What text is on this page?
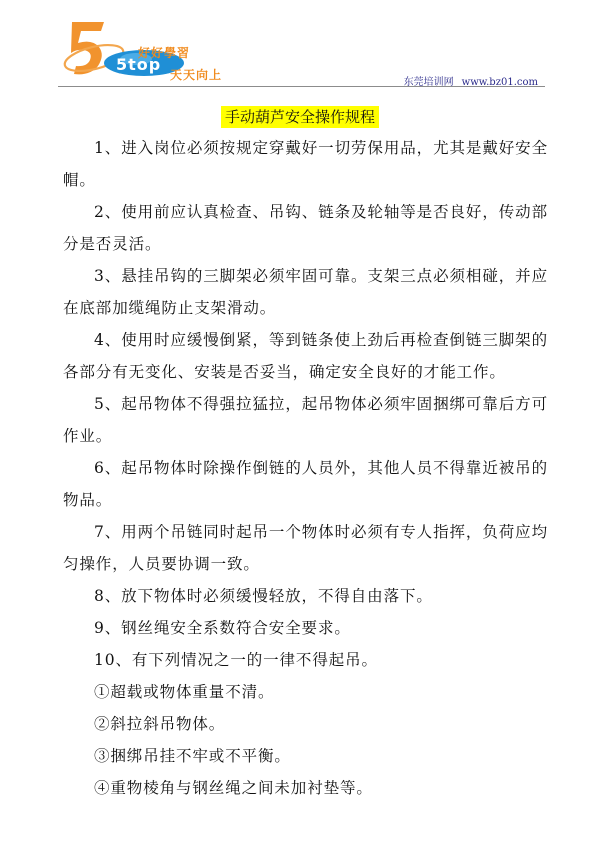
好好學習
天天向上
5top
东莞培训网 www.bz01.com
手动葫芦安全操作规程

1、进入岗位必须按规定穿戴好一切劳保用品，尤其是戴好安全帽。

2、使用前应认真检查、吊钩、链条及轮轴等是否良好，传动部分是否灵活。

3、悬挂吊钩的三脚架必须牢固可靠。支架三点必须相碰，并应在底部加缆绳防止支架滑动。

4、使用时应缓慢倒紧，等到链条使上劲后再检查倒链三脚架的各部分有无变化、安装是否妥当，确定安全良好的才能工作。

5、起吊物体不得强拉猛拉，起吊物体必须牢固捆绑可靠后方可作业。

6、起吊物体时除操作倒链的人员外，其他人员不得靠近被吊的物品。

7、用两个吊链同时起吊一个物体时必须有专人指挥，负荷应均匀操作，人员要协调一致。

8、放下物体时必须缓慢轻放，不得自由落下。

9、钢丝绳安全系数符合安全要求。

10、有下列情况之一的一律不得起吊。

①超载或物体重量不清。

②斜拉斜吊物体。

③捆绑吊挂不牢或不平衡。

④重物棱角与钢丝绳之间未加衬垫等。
